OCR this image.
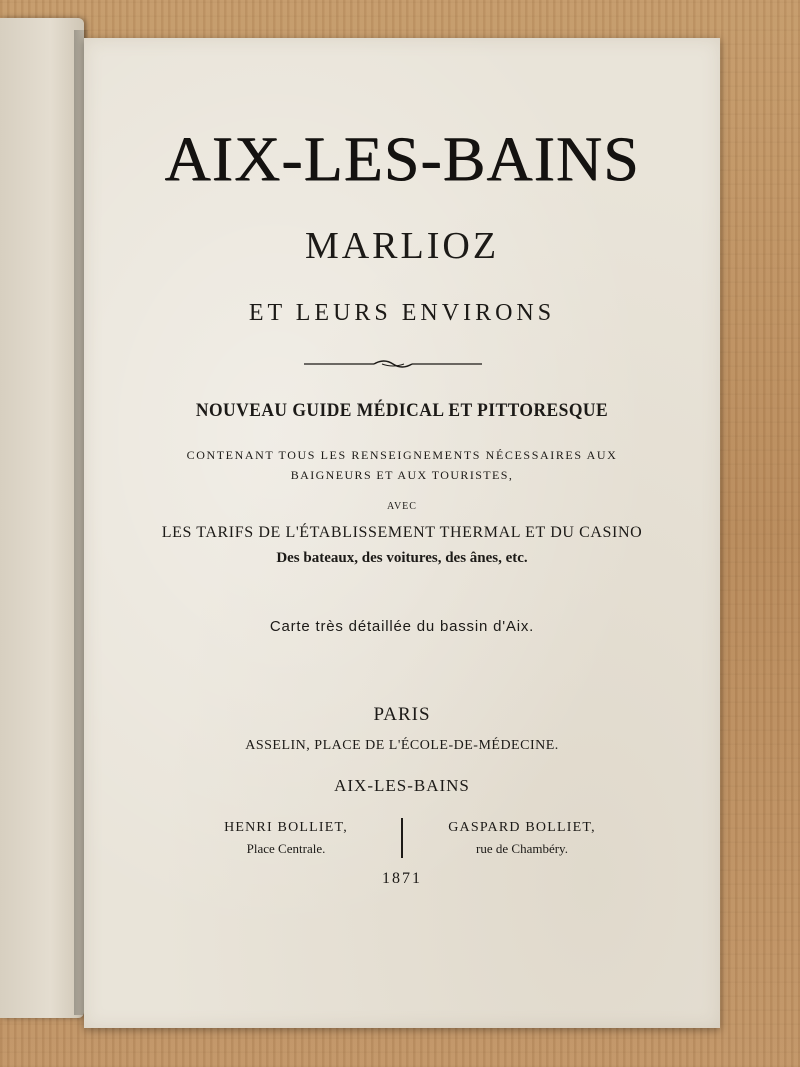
AIX-LES-BAINS
MARLIOZ
ET LEURS ENVIRONS
NOUVEAU GUIDE MÉDICAL ET PITTORESQUE
CONTENANT TOUS LES RENSEIGNEMENTS NÉCESSAIRES AUX
BAIGNEURS ET AUX TOURISTES,
AVEC
LES TARIFS DE L'ÉTABLISSEMENT THERMAL ET DU CASINO
Des bateaux, des voitures, des ânes, etc.
Carte très détaillée du bassin d'Aix.
PARIS
ASSELIN, PLACE DE L'ÉCOLE-DE-MÉDECINE.
AIX-LES-BAINS
HENRI BOLLIET,
Place Centrale.
GASPARD BOLLIET,
rue de Chambéry.
1871
